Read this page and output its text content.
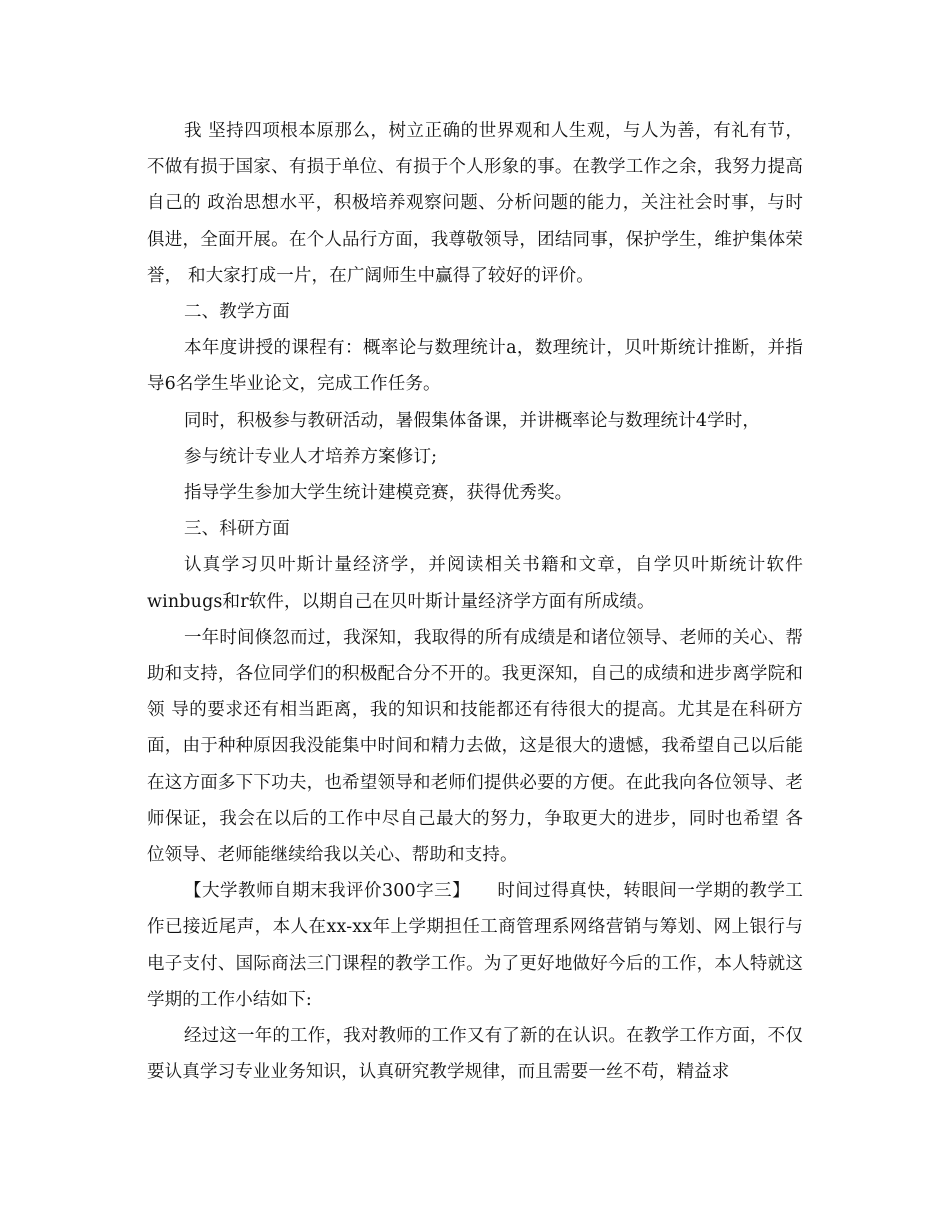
我 坚持四项根本原那么，树立正确的世界观和人生观，与人为善，有礼有节，不做有损于国家、有损于单位、有损于个人形象的事。在教学工作之余，我努力提高自己的 政治思想水平，积极培养观察问题、分析问题的能力，关注社会时事，与时俱进，全面开展。在个人品行方面，我尊敬领导，团结同事，保护学生，维护集体荣誉， 和大家打成一片，在广阔师生中赢得了较好的评价。

二、教学方面

本年度讲授的课程有：概率论与数理统计a，数理统计，贝叶斯统计推断，并指导6名学生毕业论文，完成工作任务。

同时，积极参与教研活动，暑假集体备课，并讲概率论与数理统计4学时，

参与统计专业人才培养方案修订;

指导学生参加大学生统计建模竞赛，获得优秀奖。

三、科研方面

认真学习贝叶斯计量经济学，并阅读相关书籍和文章，自学贝叶斯统计软件winbugs和r软件，以期自己在贝叶斯计量经济学方面有所成绩。

一年时间倏忽而过，我深知，我取得的所有成绩是和诸位领导、老师的关心、帮助和支持，各位同学们的积极配合分不开的。我更深知，自己的成绩和进步离学院和领 导的要求还有相当距离，我的知识和技能都还有待很大的提高。尤其是在科研方面，由于种种原因我没能集中时间和精力去做，这是很大的遗憾，我希望自己以后能 在这方面多下下功夫，也希望领导和老师们提供必要的方便。在此我向各位领导、老师保证，我会在以后的工作中尽自己最大的努力，争取更大的进步，同时也希望 各位领导、老师能继续给我以关心、帮助和支持。

【大学教师自期末我评价300字三】　　时间过得真快，转眼间一学期的教学工作已接近尾声，本人在xx-xx年上学期担任工商管理系网络营销与筹划、网上银行与电子支付、国际商法三门课程的教学工作。为了更好地做好今后的工作，本人特就这学期的工作小结如下:

经过这一年的工作，我对教师的工作又有了新的在认识。在教学工作方面，不仅要认真学习专业业务知识，认真研究教学规律，而且需要一丝不苟，精益求
